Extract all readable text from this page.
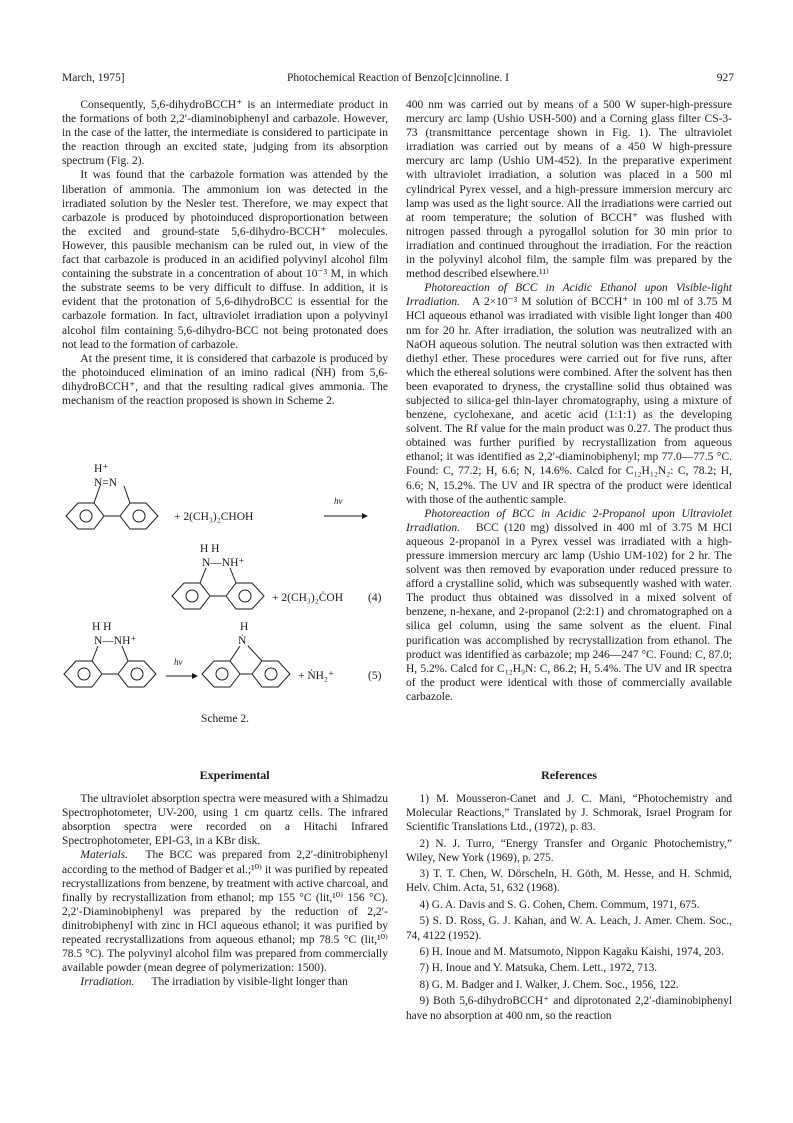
March, 1975]	Photochemical Reaction of Benzo[c]cinnoline. I	927

Consequently, 5,6-dihydroBCCH⁺ is an intermediate product in the formations of both 2,2′-diaminobiphenyl and carbazole. However, in the case of the latter, the intermediate is considered to participate in the reaction through an excited state, judging from its absorption spectrum (Fig. 2).

It was found that the carbazole formation was attended by the liberation of ammonia. The ammonium ion was detected in the irradiated solution by the Nesler test. Therefore, we may expect that carbazole is produced by photoinduced disproportionation between the excited and ground-state 5,6-dihydro-BCCH⁺ molecules. However, this pausible mechanism can be ruled out, in view of the fact that carbazole is produced in an acidified polyvinyl alcohol film containing the substrate in a concentration of about 10⁻³ M, in which the substrate seems to be very difficult to diffuse. In addition, it is evident that the protonation of 5,6-dihydroBCC is essential for the carbazole formation. In fact, ultraviolet irradiation upon a polyvinyl alcohol film containing 5,6-dihydro-BCC not being protonated does not lead to the formation of carbazole.

At the present time, it is considered that carbazole is produced by the photoinduced elimination of an imino radical (ṄH) from 5,6-dihydroBCCH⁺, and that the resulting radical gives ammonia. The mechanism of the reaction proposed is shown in Scheme 2.

H⁺
N=N
+ 2(CH₃)₂CHOH
hν
H H
N—NH⁺
+ 2(CH₃)₂ĊOH (4)
H H
N—NH⁺
hν
H
Ṅ
+ ṄH₂⁺	(5)
Scheme 2.

Experimental

The ultraviolet absorption spectra were measured with a Shimadzu Spectrophotometer, UV-200, using 1 cm quartz cells. The infrared absorption spectra were recorded on a Hitachi Infrared Spectrophotometer, EPI-G3, in a KBr disk.

Materials. The BCC was prepared from 2,2′-dinitrobiphenyl according to the method of Badger et al.;¹⁰⁾ it was purified by repeated recrystallizations from benzene, by treatment with active charcoal, and finally by recrystallization from ethanol; mp 155 °C (lit,¹⁰⁾ 156 °C). 2,2′-Diaminobiphenyl was prepared by the reduction of 2,2′-dinitrobiphenyl with zinc in HCl aqueous ethanol; it was purified by repeated recrystallizations from aqueous ethanol; mp 78.5 °C (lit,¹⁰⁾ 78.5 °C). The polyvinyl alcohol film was prepared from commercially available powder (mean degree of polymerization: 1500).

Irradiation. The irradiation by visible-light longer than

400 nm was carried out by means of a 500 W super-high-pressure mercury arc lamp (Ushio USH-500) and a Corning glass filter CS-3-73 (transmittance percentage shown in Fig. 1). The ultraviolet irradiation was carried out by means of a 450 W high-pressure mercury arc lamp (Ushio UM-452). In the preparative experiment with ultraviolet irradiation, a solution was placed in a 500 ml cylindrical Pyrex vessel, and a high-pressure immersion mercury arc lamp was used as the light source. All the irradiations were carried out at room temperature; the solution of BCCH⁺ was flushed with nitrogen passed through a pyrogallol solution for 30 min prior to irradiation and continued throughout the irradiation. For the reaction in the polyvinyl alcohol film, the sample film was prepared by the method described elsewhere.¹¹⁾

Photoreaction of BCC in Acidic Ethanol upon Visible-light Irradiation. A 2×10⁻³ M solution of BCCH⁺ in 100 ml of 3.75 M HCl aqueous ethanol was irradiated with visible light longer than 400 nm for 20 hr. After irradiation, the solution was neutralized with an NaOH aqueous solution. The neutral solution was then extracted with diethyl ether. These procedures were carried out for five runs, after which the ethereal solutions were combined. After the solvent has then been evaporated to dryness, the crystalline solid thus obtained was subjected to silica-gel thin-layer chromatography, using a mixture of benzene, cyclohexane, and acetic acid (1:1:1) as the developing solvent. The Rf value for the main product was 0.27. The product thus obtained was further purified by recrystallization from aqueous ethanol; it was identified as 2,2′-diaminobiphenyl; mp 77.0—77.5 °C. Found: C, 77.2; H, 6.6; N, 14.6%. Calcd for C₁₂H₁₂N₂: C, 78.2; H, 6.6; N, 15.2%. The UV and IR spectra of the product were identical with those of the authentic sample.

Photoreaction of BCC in Acidic 2-Propanol upon Ultraviolet Irradiation. BCC (120 mg) dissolved in 400 ml of 3.75 M HCl aqueous 2-propanol in a Pyrex vessel was irradiated with a high-pressure immersion mercury arc lamp (Ushio UM-102) for 2 hr. The solvent was then removed by evaporation under reduced pressure to afford a crystalline solid, which was subsequently washed with water. The product thus obtained was dissolved in a mixed solvent of benzene, n-hexane, and 2-propanol (2:2:1) and chromatographed on a silica gel column, using the same solvent as the eluent. Final purification was accomplished by recrystallization from ethanol. The product was identified as carbazole; mp 246—247 °C. Found: C, 87.0; H, 5.2%. Calcd for C₁₂H₉N: C, 86.2; H, 5.4%. The UV and IR spectra of the product were identical with those of commercially available carbazole.

References

1) M. Mousseron-Canet and J. C. Mani, “Photochemistry and Molecular Reactions,” Translated by J. Schmorak, Israel Program for Scientific Translations Ltd., (1972), p. 83.

2) N. J. Turro, “Energy Transfer and Organic Photochemistry,” Wiley, New York (1969), p. 275.

3) T. T. Chen, W. Dörscheln, H. Göth, M. Hesse, and H. Schmid, Helv. Chim. Acta, 51, 632 (1968).

4) G. A. Davis and S. G. Cohen, Chem. Commum, 1971, 675.

5) S. D. Ross, G. J. Kahan, and W. A. Leach, J. Amer. Chem. Soc., 74, 4122 (1952).

6) H. Inoue and M. Matsumoto, Nippon Kagaku Kaishi, 1974, 203.

7) H. Inoue and Y. Matsuka, Chem. Lett., 1972, 713.

8) G. M. Badger and I. Walker, J. Chem. Soc., 1956, 122.

9) Both 5,6-dihydroBCCH⁺ and diprotonated 2,2′-diaminobiphenyl have no absorption at 400 nm, so the reaction
